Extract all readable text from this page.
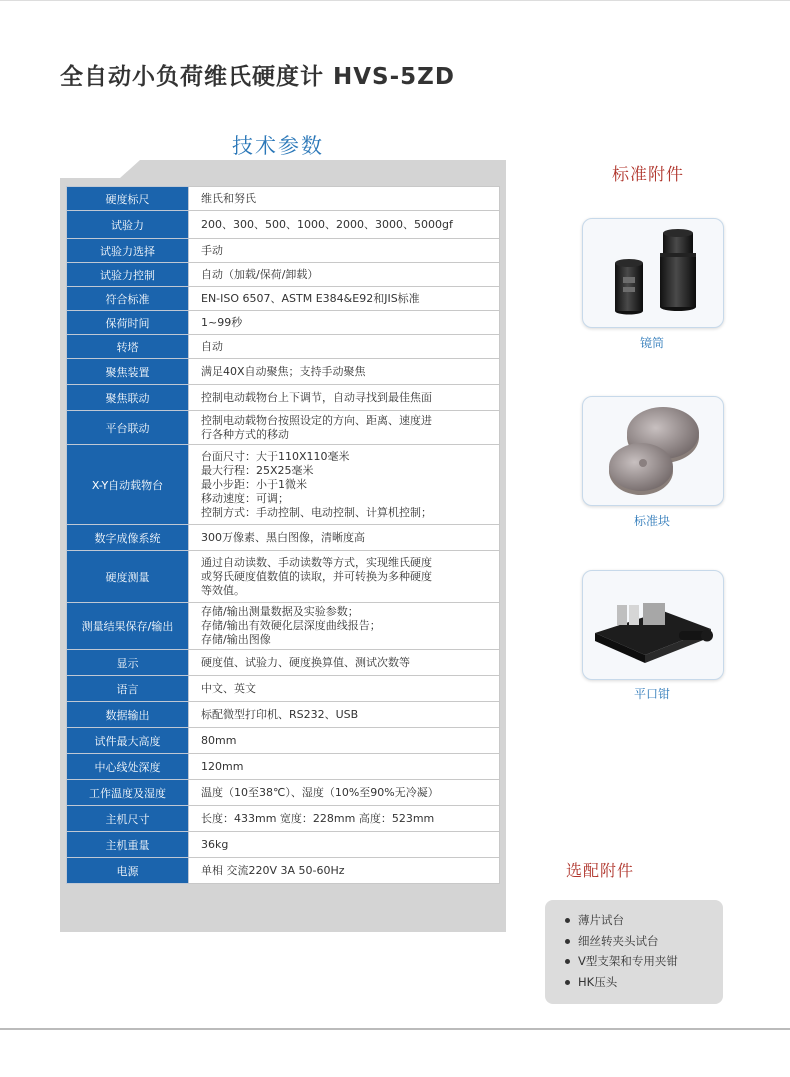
全自动小负荷维氏硬度计 HVS-5ZD
技术参数
硬度标尺	维氏和努氏

试验力	200、300、500、1000、2000、3000、5000gf

试验力选择	手动

试验力控制	自动（加载/保荷/卸载）

符合标准	EN-ISO 6507、ASTM E384&E92和JIS标准

保荷时间	1~99秒

转塔	自动

聚焦装置	满足40X自动聚焦；支持手动聚焦

聚焦联动	控制电动载物台上下调节，自动寻找到最佳焦面

平台联动	控制电动载物台按照设定的方向、距离、速度进
行各种方式的移动

X-Y自动载物台	台面尺寸：大于110X110毫米
最大行程：25X25毫米
最小步距：小于1微米
移动速度：可调；
控制方式：手动控制、电动控制、计算机控制；

数字成像系统	300万像素、黑白图像，清晰度高

硬度测量	通过自动读数、手动读数等方式，实现维氏硬度
或努氏硬度值数值的读取，并可转换为多种硬度
等效值。

测量结果保存/输出	存储/输出测量数据及实验参数；
存储/输出有效硬化层深度曲线报告；
存储/输出图像

显示	硬度值、试验力、硬度换算值、测试次数等

语言	中文、英文

数据输出	标配微型打印机、RS232、USB

试件最大高度	80mm

中心线处深度	120mm

工作温度及湿度	温度（10至38℃）、湿度（10%至90%无冷凝）

主机尺寸	长度：433mm 宽度：228mm 高度：523mm

主机重量	36kg

电源	单相 交流220V 3A 50-60Hz
标准附件
镜筒
标准块
平口钳
选配附件
薄片试台
细丝转夹头试台
V型支架和专用夹钳
HK压头
